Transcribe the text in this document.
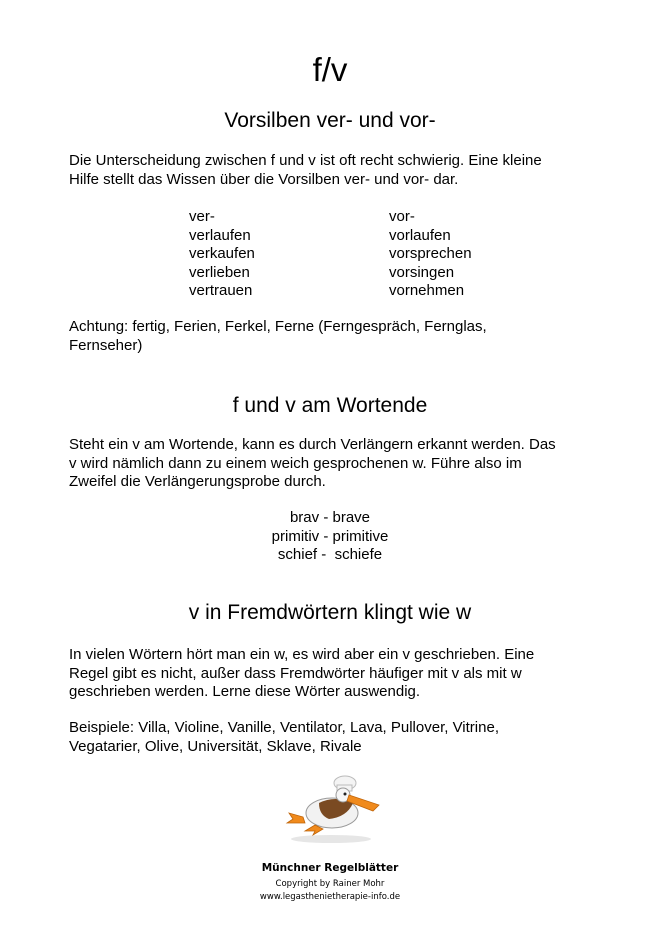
f/v
Vorsilben ver- und vor-
Die Unterscheidung zwischen f und v ist oft recht schwierig. Eine kleine
Hilfe stellt das Wissen über die Vorsilben ver- und vor- dar.
ver-
verlaufen
verkaufen
verlieben
vertrauen
vor-
vorlaufen
vorsprechen
vorsingen
vornehmen
Achtung: fertig, Ferien, Ferkel, Ferne (Ferngespräch, Fernglas,
Fernseher)
f und v am Wortende
Steht ein v am Wortende, kann es durch Verlängern erkannt werden. Das
v wird nämlich dann zu einem weich gesprochenen w. Führe also im
Zweifel die Verlängerungsprobe durch.
brav - brave
primitiv - primitive
schief -  schiefe
v in Fremdwörtern klingt wie w
In vielen Wörtern hört man ein w, es wird aber ein v geschrieben. Eine
Regel gibt es nicht, außer dass Fremdwörter häufiger mit v als mit w
geschrieben werden. Lerne diese Wörter auswendig.
Beispiele: Villa, Violine, Vanille, Ventilator, Lava, Pullover, Vitrine,
Vegatarier, Olive, Universität, Sklave, Rivale
Münchner Regelblätter
Copyright by Rainer Mohr
www.legasthenietherapie-info.de
